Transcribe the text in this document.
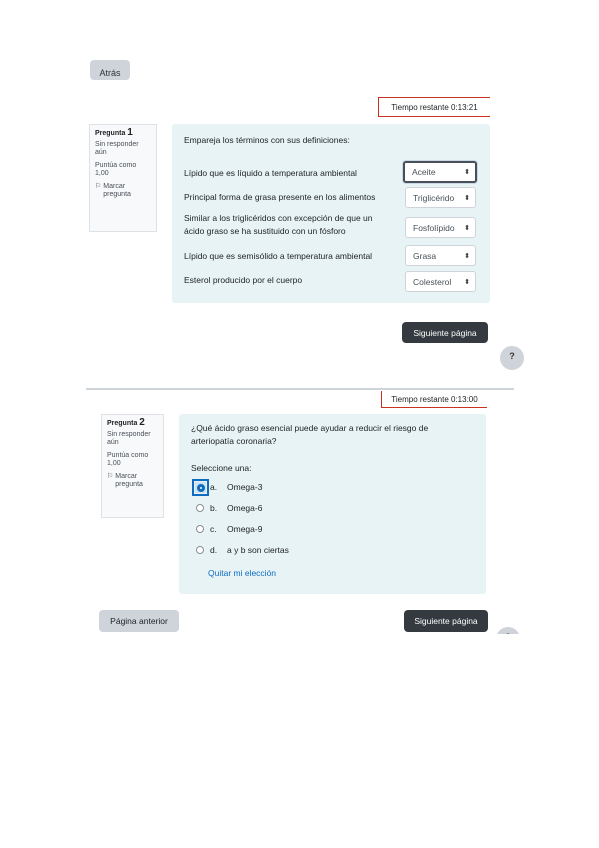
Atrás
Tiempo restante 0:13:21
Pregunta 1
Sin responder
aún
Puntúa como
1,00
⚐ Marcar
pregunta
Empareja los términos con sus definiciones:
Lípido que es líquido a temperatura ambiental	Aceite	⬍
Principal forma de grasa presente en los alimentos	Triglicérido ⬍
Similar a los triglicéridos con excepción de que un
ácido graso se ha sustituido con un fósforo	Fosfolípido ⬍
Lípido que es semisólido a temperatura ambiental	Grasa	⬍
Esterol producido por el cuerpo	Colesterol ⬍
Siguiente página
?
Tiempo restante 0:13:00
Pregunta 2
Sin responder
aún
Puntúa como
1,00
⚐ Marcar
pregunta
¿Qué ácido graso esencial puede ayudar a reducir el riesgo de
arteriopatía coronaria?
Seleccione una:
a. Omega-3
b. Omega-6
c. Omega-9
d. a y b son ciertas
Quitar mi elección
Página anterior	Siguiente página
